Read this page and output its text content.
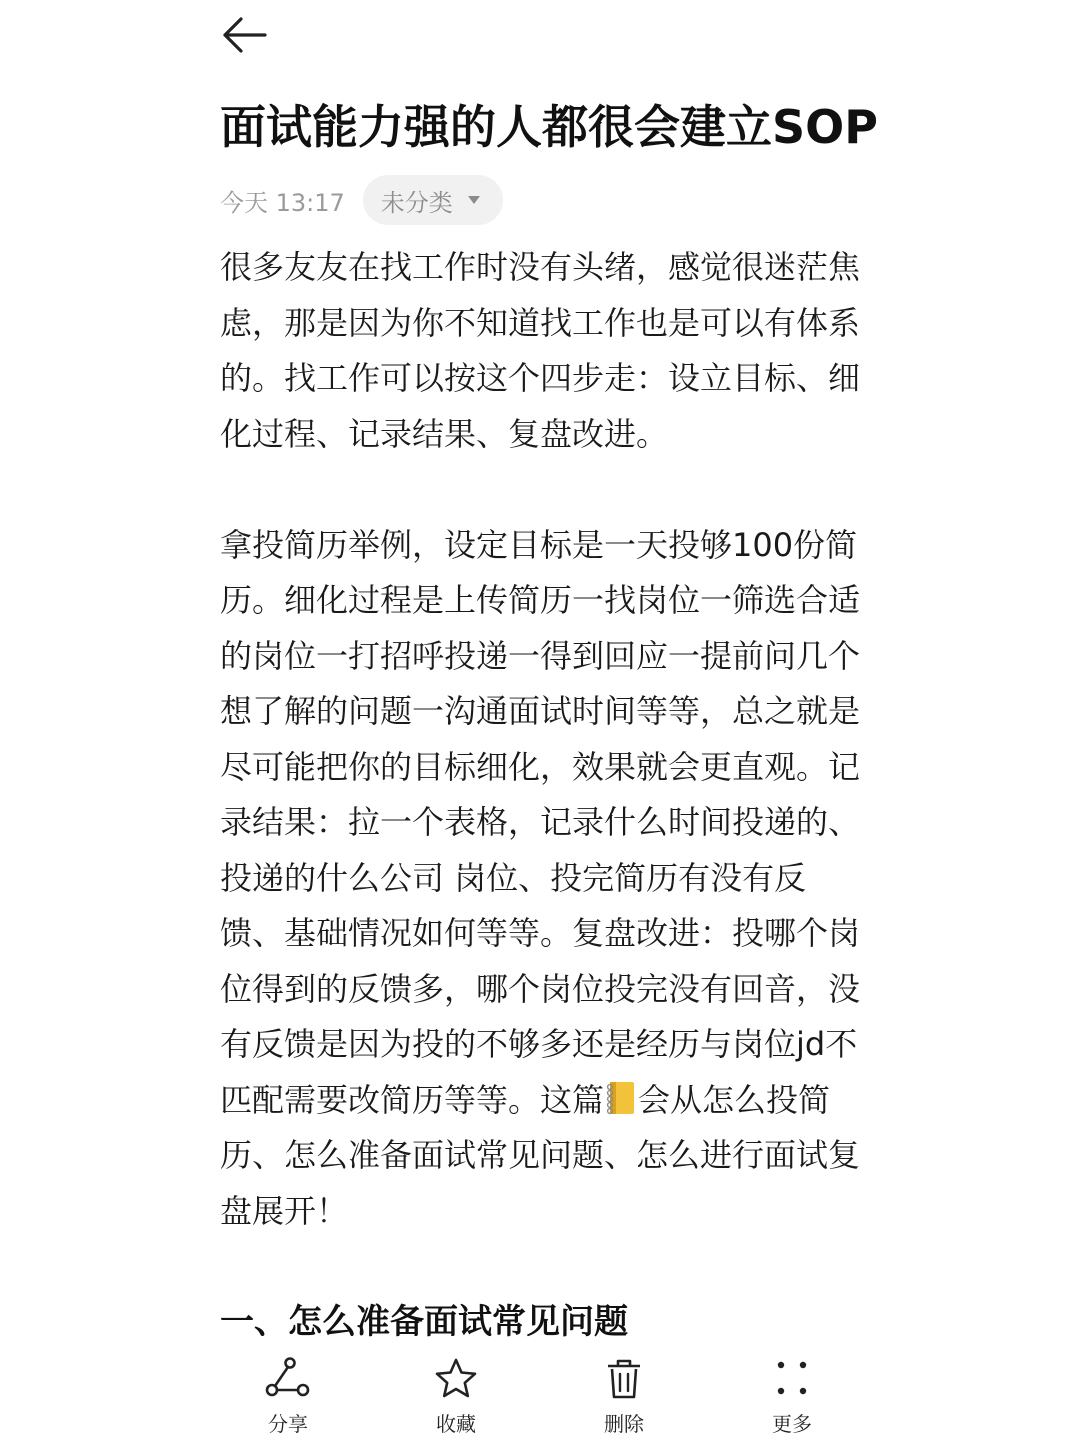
面试能力强的人都很会建立SOP
今天 13:17 未分类

很多友友在找工作时没有头绪，感觉很迷茫焦虑，那是因为你不知道找工作也是可以有体系的。找工作可以按这个四步走：设立目标、细化过程、记录结果、复盘改进。

拿投简历举例，设定目标是一天投够100份简历。细化过程是上传简历一找岗位一筛选合适的岗位一打招呼投递一得到回应一提前问几个想了解的问题一沟通面试时间等等，总之就是尽可能把你的目标细化，效果就会更直观。记录结果：拉一个表格，记录什么时间投递的、投递的什么公司 岗位、投完简历有没有反馈、基础情况如何等等。复盘改进：投哪个岗位得到的反馈多，哪个岗位投完没有回音，没有反馈是因为投的不够多还是经历与岗位jd不匹配需要改简历等等。这篇 会从怎么投简历、怎么准备面试常见问题、怎么进行面试复盘展开！

一、怎么准备面试常见问题
分享	收藏	删除	更多
